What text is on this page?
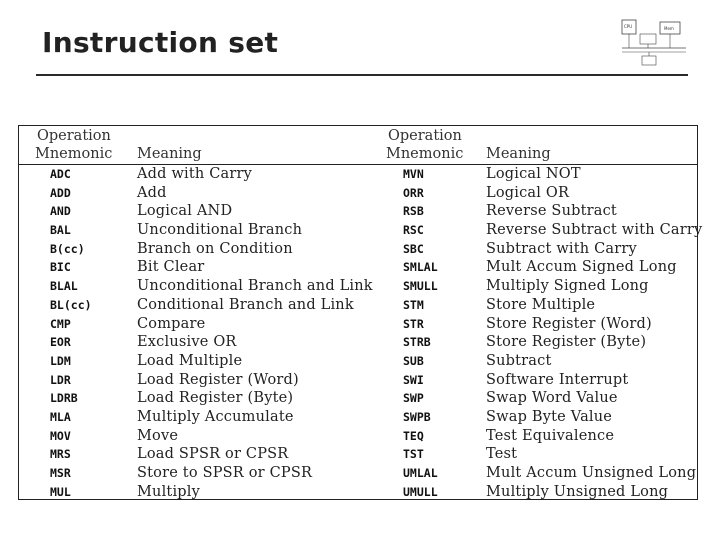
Instruction set	CPU	Mem
Operation
Mnemonic Meaning
Operation
Mnemonic Meaning
ADC
ADD
AND
BAL
B(cc)
BIC
BLAL
BL(cc)
CMP
EOR
LDM
LDR
LDRB
MLA
MOV
MRS
MSR
MUL
Add with Carry
Add
Logical AND
Unconditional Branch
Branch on Condition
Bit Clear
Unconditional Branch and Link
Conditional Branch and Link
Compare
Exclusive OR
Load Multiple
Load Register (Word)
Load Register (Byte)
Multiply Accumulate
Move
Load SPSR or CPSR
Store to SPSR or CPSR
Multiply
MVN
ORR
RSB
RSC
SBC
SMLAL
SMULL
STM
STR
STRB
SUB
SWI
SWP
SWPB
TEQ
TST
UMLAL
UMULL
Logical NOT
Logical OR
Reverse Subtract
Reverse Subtract with Carry
Subtract with Carry
Mult Accum Signed Long
Multiply Signed Long
Store Multiple
Store Register (Word)
Store Register (Byte)
Subtract
Software Interrupt
Swap Word Value
Swap Byte Value
Test Equivalence
Test
Mult Accum Unsigned Long
Multiply Unsigned Long
